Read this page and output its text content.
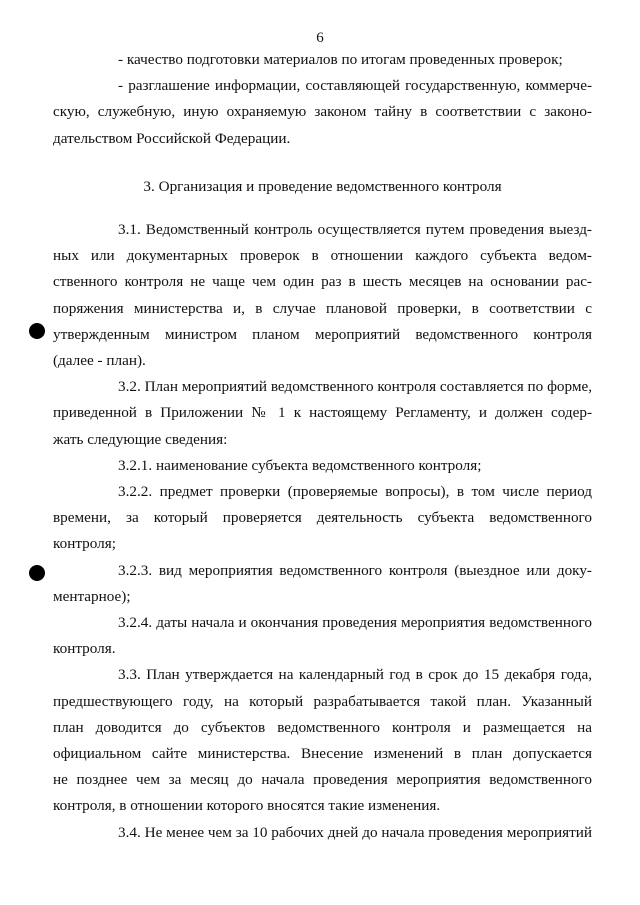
6

- качество подготовки материалов по итогам проведенных проверок;

- разглашение информации, составляющей государственную, коммерче-
скую, служебную, иную охраняемую законом тайну в соответствии с законо-
дательством Российской Федерации.

3. Организация и проведение ведомственного контроля

3.1. Ведомственный контроль осуществляется путем проведения выезд-
ных или документарных проверок в отношении каждого субъекта ведом-
ственного контроля не чаще чем один раз в шесть месяцев на основании рас-
поряжения министерства и, в случае плановой проверки, в соответствии с
утвержденным министром планом мероприятий ведомственного контроля
(далее - план).

3.2. План мероприятий ведомственного контроля составляется по форме,
приведенной в Приложении № 1 к настоящему Регламенту, и должен содер-
жать следующие сведения:

3.2.1. наименование субъекта ведомственного контроля;

3.2.2. предмет проверки (проверяемые вопросы), в том числе период
времени, за который проверяется деятельность субъекта ведомственного
контроля;

3.2.3. вид мероприятия ведомственного контроля (выездное или доку-
ментарное);

3.2.4. даты начала и окончания проведения мероприятия ведомственного
контроля.

3.3. План утверждается на календарный год в срок до 15 декабря года,
предшествующего году, на который разрабатывается такой план. Указанный
план доводится до субъектов ведомственного контроля и размещается на
официальном сайте министерства. Внесение изменений в план допускается
не позднее чем за месяц до начала проведения мероприятия ведомственного
контроля, в отношении которого вносятся такие изменения.

3.4. Не менее чем за 10 рабочих дней до начала проведения мероприятий
